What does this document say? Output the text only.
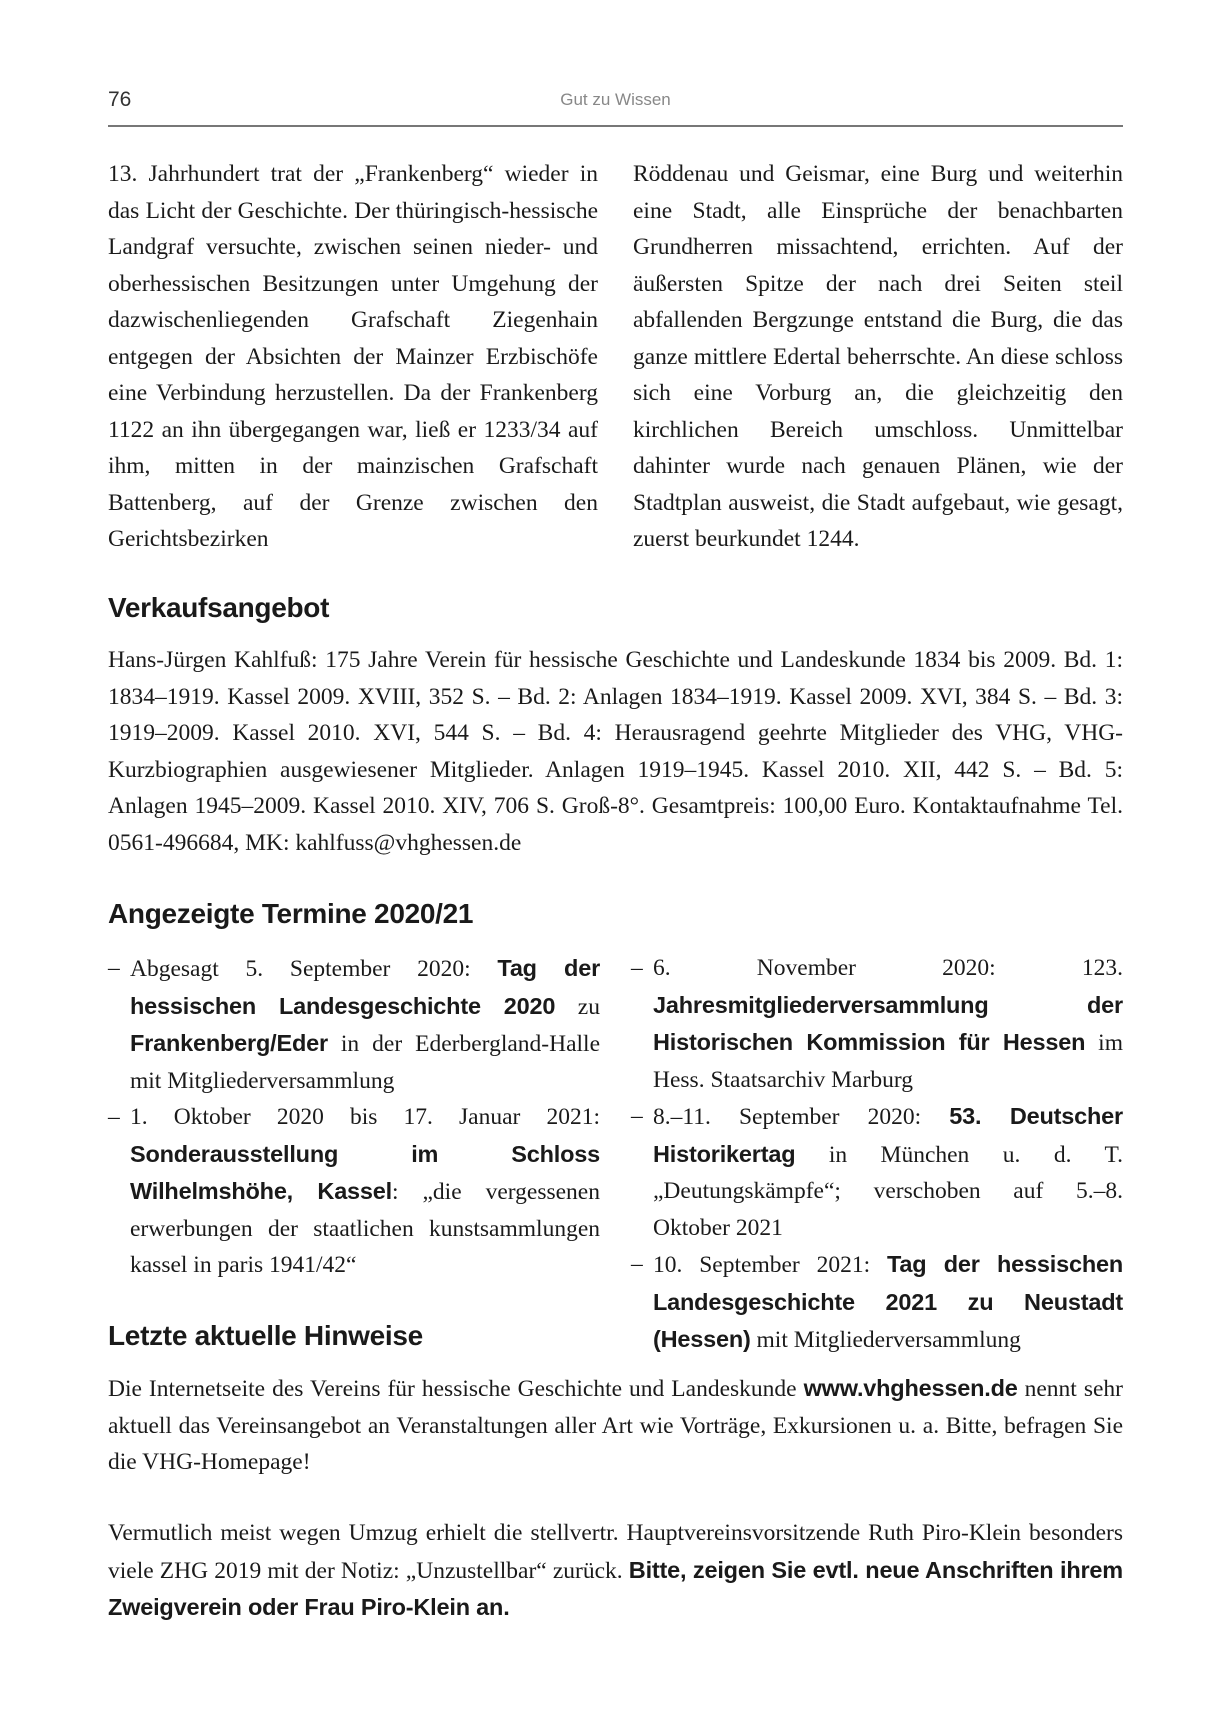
76	Gut zu Wissen

13. Jahrhundert trat der „Frankenberg“ wieder in das Licht der Geschichte. Der thüringisch-hessische Landgraf versuchte, zwischen seinen nieder- und oberhessischen Besitzungen unter Umgehung der dazwischenliegenden Grafschaft Ziegenhain entgegen der Absichten der Mainzer Erzbischöfe eine Verbindung herzustellen. Da der Frankenberg 1122 an ihn übergegangen war, ließ er 1233/34 auf ihm, mitten in der mainzischen Grafschaft Battenberg, auf der Grenze zwischen den Gerichtsbezirken

Röddenau und Geismar, eine Burg und weiterhin eine Stadt, alle Einsprüche der benachbarten Grundherren missachtend, errichten. Auf der äußersten Spitze der nach drei Seiten steil abfallenden Bergzunge entstand die Burg, die das ganze mittlere Edertal beherrschte. An diese schloss sich eine Vorburg an, die gleichzeitig den kirchlichen Bereich umschloss. Unmittelbar dahinter wurde nach genauen Plänen, wie der Stadtplan ausweist, die Stadt aufgebaut, wie gesagt, zuerst beurkundet 1244.

Verkaufsangebot

Hans-Jürgen Kahlfuß: 175 Jahre Verein für hessische Geschichte und Landeskunde 1834 bis 2009. Bd. 1: 1834–1919. Kassel 2009. XVIII, 352 S. – Bd. 2: Anlagen 1834–1919. Kassel 2009. XVI, 384 S. – Bd. 3: 1919–2009. Kassel 2010. XVI, 544 S. – Bd. 4: Herausragend geehrte Mitglieder des VHG, VHG-Kurzbiographien ausgewiesener Mitglieder. Anlagen 1919–1945. Kassel 2010. XII, 442 S. – Bd. 5: Anlagen 1945–2009. Kassel 2010. XIV, 706 S. Groß-8°. Gesamtpreis: 100,00 Euro. Kontaktaufnahme Tel. 0561-496684, MK: kahlfuss@vhghessen.de

Angezeigte Termine 2020/21
– Abgesagt 5. September 2020: Tag der hessischen Landesgeschichte 2020 zu Frankenberg/Eder in der Ederbergland-Halle mit Mitgliederversammlung
– 1. Oktober 2020 bis 17. Januar 2021: Sonderausstellung im Schloss Wilhelmshöhe, Kassel: „die vergessenen erwerbungen der staatlichen kunstsammlungen kassel in paris 1941/42“
– 6. November 2020: 123. Jahresmitgliederversammlung der Historischen Kommission für Hessen im Hess. Staatsarchiv Marburg
– 8.–11. September 2020: 53. Deutscher Historikertag in München u. d. T. „Deutungskämpfe“; verschoben auf 5.–8. Oktober 2021
– 10. September 2021: Tag der hessischen Landesgeschichte 2021 zu Neustadt (Hessen) mit Mitgliederversammlung
Letzte aktuelle Hinweise

Die Internetseite des Vereins für hessische Geschichte und Landeskunde www.vhghessen.de nennt sehr aktuell das Vereinsangebot an Veranstaltungen aller Art wie Vorträge, Exkursionen u. a. Bitte, befragen Sie die VHG-Homepage!

Vermutlich meist wegen Umzug erhielt die stellvertr. Hauptvereinsvorsitzende Ruth Piro-Klein besonders viele ZHG 2019 mit der Notiz: „Unzustellbar“ zurück. Bitte, zeigen Sie evtl. neue Anschriften ihrem Zweigverein oder Frau Piro-Klein an.
